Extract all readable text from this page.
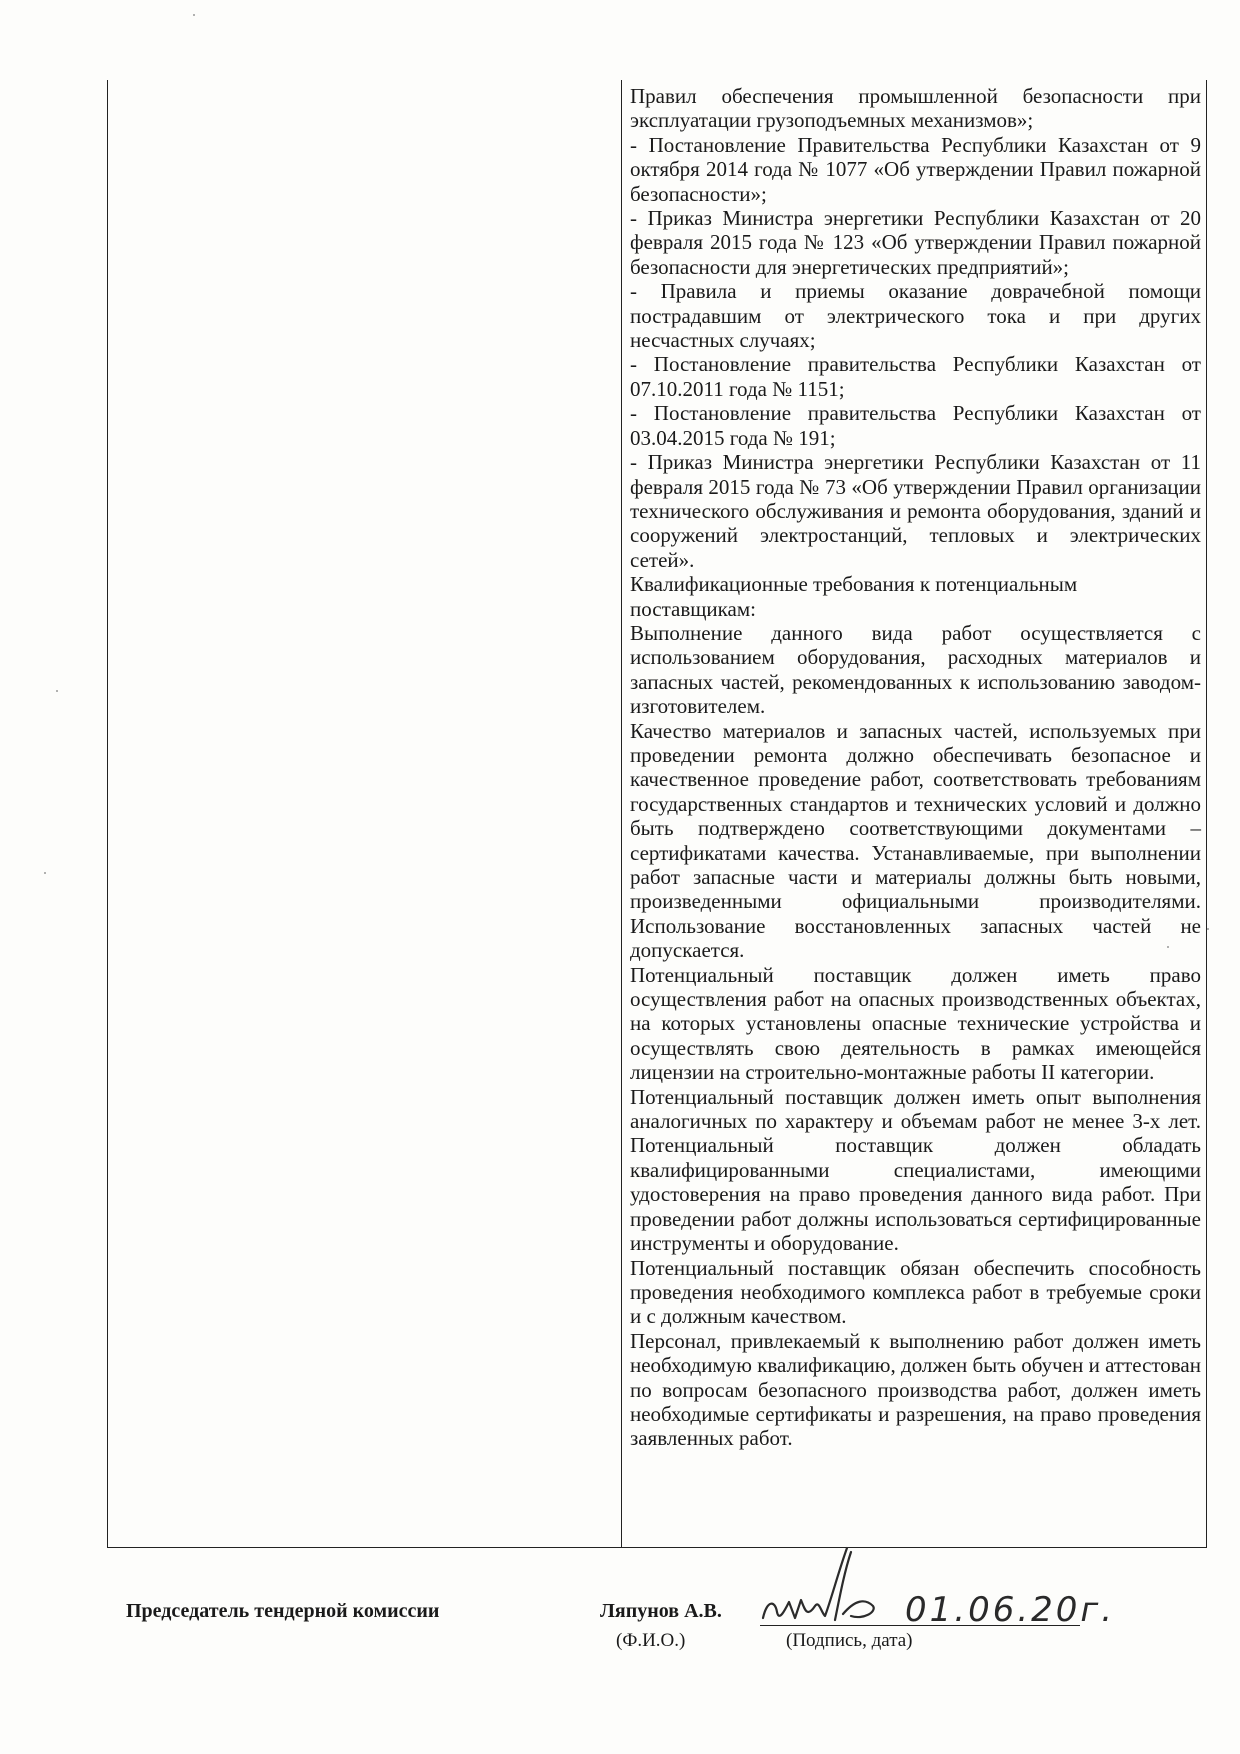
Правил обеспечения промышленной безопасности при эксплуатации грузоподъемных механизмов»;

- Постановление Правительства Республики Казахстан от 9 октября 2014 года № 1077 «Об утверждении Правил пожарной безопасности»;

- Приказ Министра энергетики Республики Казахстан от 20 февраля 2015 года № 123 «Об утверждении Правил пожарной безопасности для энергетических предприятий»;

- Правила и приемы оказание доврачебной помощи пострадавшим от электрического тока и при других несчастных случаях;

- Постановление правительства Республики Казахстан от 07.10.2011 года № 1151;

- Постановление правительства Республики Казахстан от 03.04.2015 года № 191;

- Приказ Министра энергетики Республики Казахстан от 11 февраля 2015 года № 73 «Об утверждении Правил организации технического обслуживания и ремонта оборудования, зданий и сооружений электростанций, тепловых и электрических сетей».

Квалификационные требования к потенциальным поставщикам:

Выполнение данного вида работ осуществляется с использованием оборудования, расходных материалов и запасных частей, рекомендованных к использованию заводом-изготовителем.

Качество материалов и запасных частей, используемых при проведении ремонта должно обеспечивать безопасное и качественное проведение работ, соответствовать требованиям государственных стандартов и технических условий и должно быть подтверждено соответствующими документами – сертификатами качества. Устанавливаемые, при выполнении работ запасные части и материалы должны быть новыми, произведенными официальными производителями. Использование восстановленных запасных частей не допускается.

Потенциальный поставщик должен иметь право осуществления работ на опасных производственных объектах, на которых установлены опасные технические устройства и осуществлять свою деятельность в рамках имеющейся лицензии на строительно-монтажные работы II категории.

Потенциальный поставщик должен иметь опыт выполнения аналогичных по характеру и объемам работ не менее 3-х лет. Потенциальный поставщик должен обладать квалифицированными специалистами, имеющими удостоверения на право проведения данного вида работ. При проведении работ должны использоваться сертифицированные инструменты и оборудование.

Потенциальный поставщик обязан обеспечить способность проведения необходимого комплекса работ в требуемые сроки и с должным качеством.

Персонал, привлекаемый к выполнению работ должен иметь необходимую квалификацию, должен быть обучен и аттестован по вопросам безопасного производства работ, должен иметь необходимые сертификаты и разрешения, на право проведения заявленных работ.

Председатель тендерной комиссии	Ляпунов А.В.	01.06.20г.
(Ф.И.О.)	(Подпись, дата)
